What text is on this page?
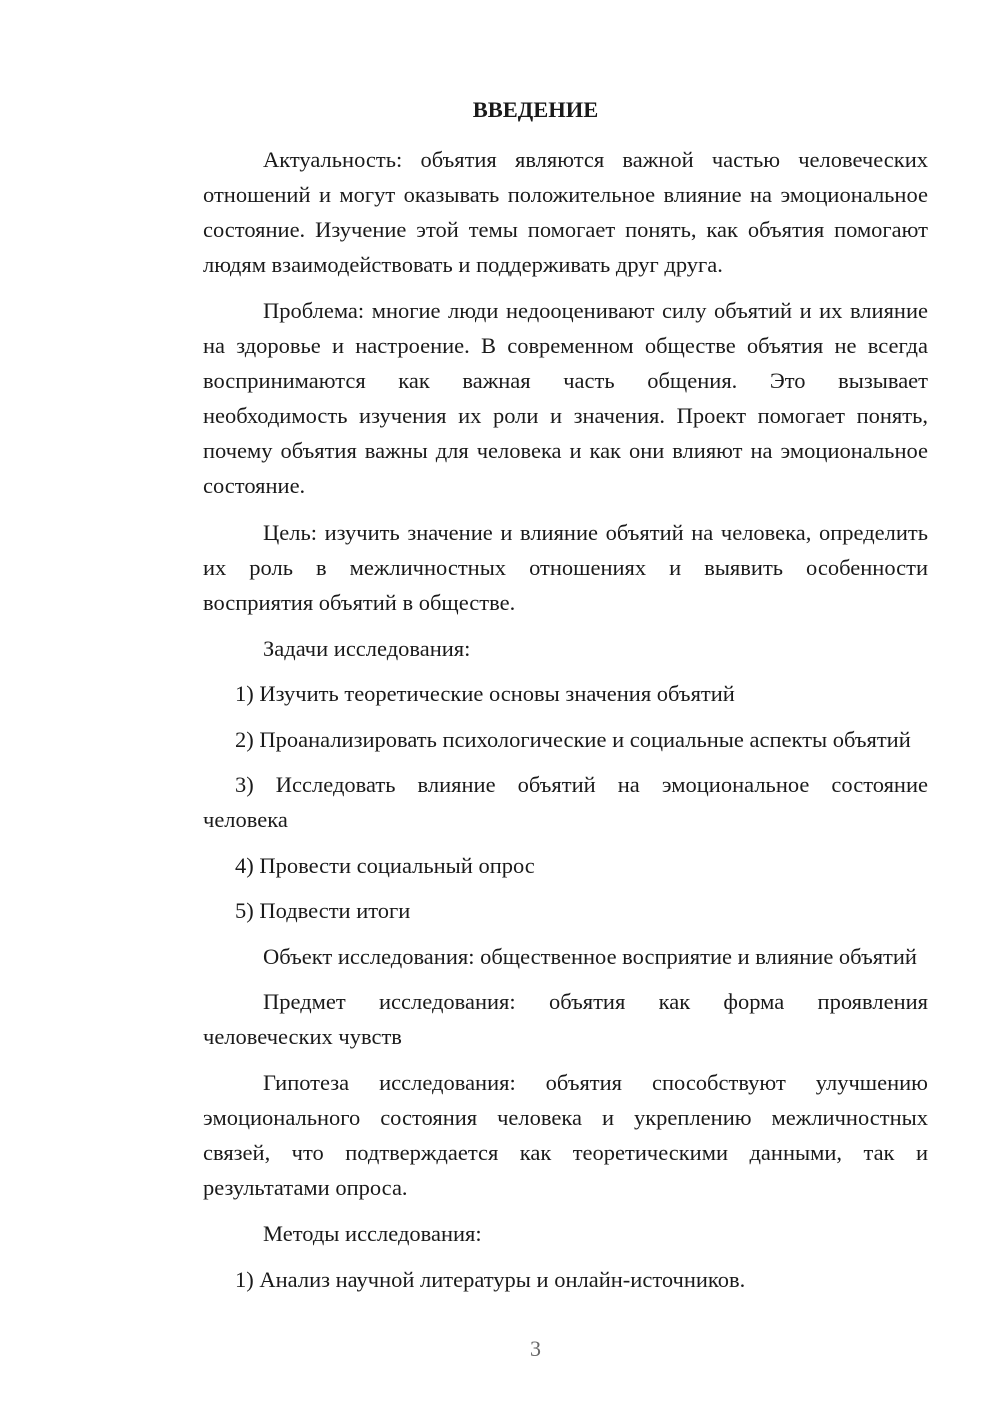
ВВЕДЕНИЕ
Актуальность: объятия являются важной частью человеческих
отношений и могут оказывать положительное влияние на эмоциональное
состояние. Изучение этой темы помогает понять, как объятия помогают
людям взаимодействовать и поддерживать друг друга.
Проблема: многие люди недооценивают силу объятий и их влияние
на здоровье и настроение. В современном обществе объятия не всегда
воспринимаются как важная часть общения. Это вызывает
необходимость изучения их роли и значения. Проект помогает понять,
почему объятия важны для человека и как они влияют на эмоциональное
состояние.
Цель: изучить значение и влияние объятий на человека, определить
их роль в межличностных отношениях и выявить особенности
восприятия объятий в обществе.
Задачи исследования:
1) Изучить теоретические основы значения объятий
2) Проанализировать психологические и социальные аспекты объятий
3) Исследовать влияние объятий на эмоциональное состояние
человека
4) Провести социальный опрос
5) Подвести итоги
Объект исследования: общественное восприятие и влияние объятий
Предмет исследования: объятия как форма проявления
человеческих чувств
Гипотеза исследования: объятия способствуют улучшению
эмоционального состояния человека и укреплению межличностных
связей, что подтверждается как теоретическими данными, так и
результатами опроса.
Методы исследования:
1) Анализ научной литературы и онлайн-источников.
3
